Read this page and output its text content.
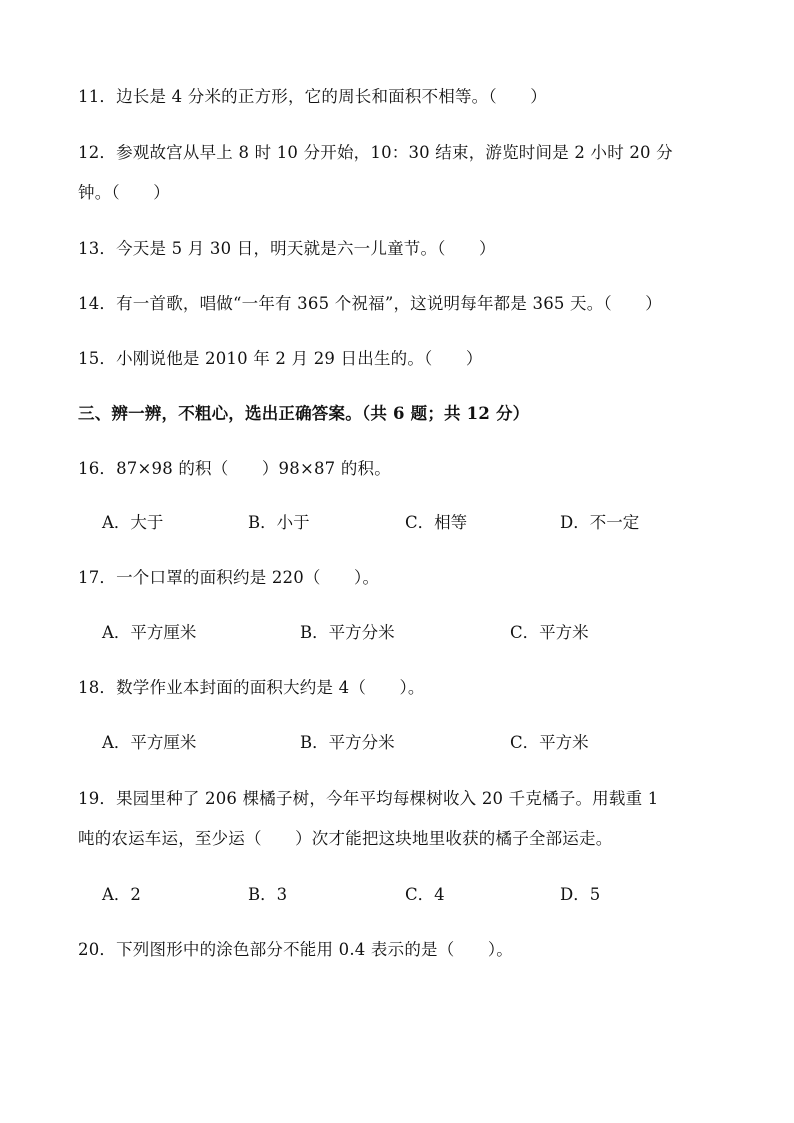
11．边长是 4 分米的正方形，它的周长和面积不相等。（　　）
12．参观故宫从早上 8 时 10 分开始，10：30 结束，游览时间是 2 小时 20 分
钟。（　　）
13．今天是 5 月 30 日，明天就是六一儿童节。（　　）
14．有一首歌，唱做“一年有 365 个祝福”，这说明每年都是 365 天。（　　）
15．小刚说他是 2010 年 2 月 29 日出生的。（　　）
三、辨一辨，不粗心，选出正确答案。（共 6 题；共 12 分）
16．87×98 的积（　　）98×87 的积。
A．大于	B．小于	C．相等	D．不一定
17．一个口罩的面积约是 220（　　）。
A．平方厘米	B．平方分米	C．平方米
18．数学作业本封面的面积大约是 4（　　）。
A．平方厘米	B．平方分米	C．平方米
19．果园里种了 206 棵橘子树，今年平均每棵树收入 20 千克橘子。用载重 1
吨的农运车运，至少运（　　）次才能把这块地里收获的橘子全部运走。
A．2	B．3	C．4	D．5
20．下列图形中的涂色部分不能用 0.4 表示的是（　　）。
